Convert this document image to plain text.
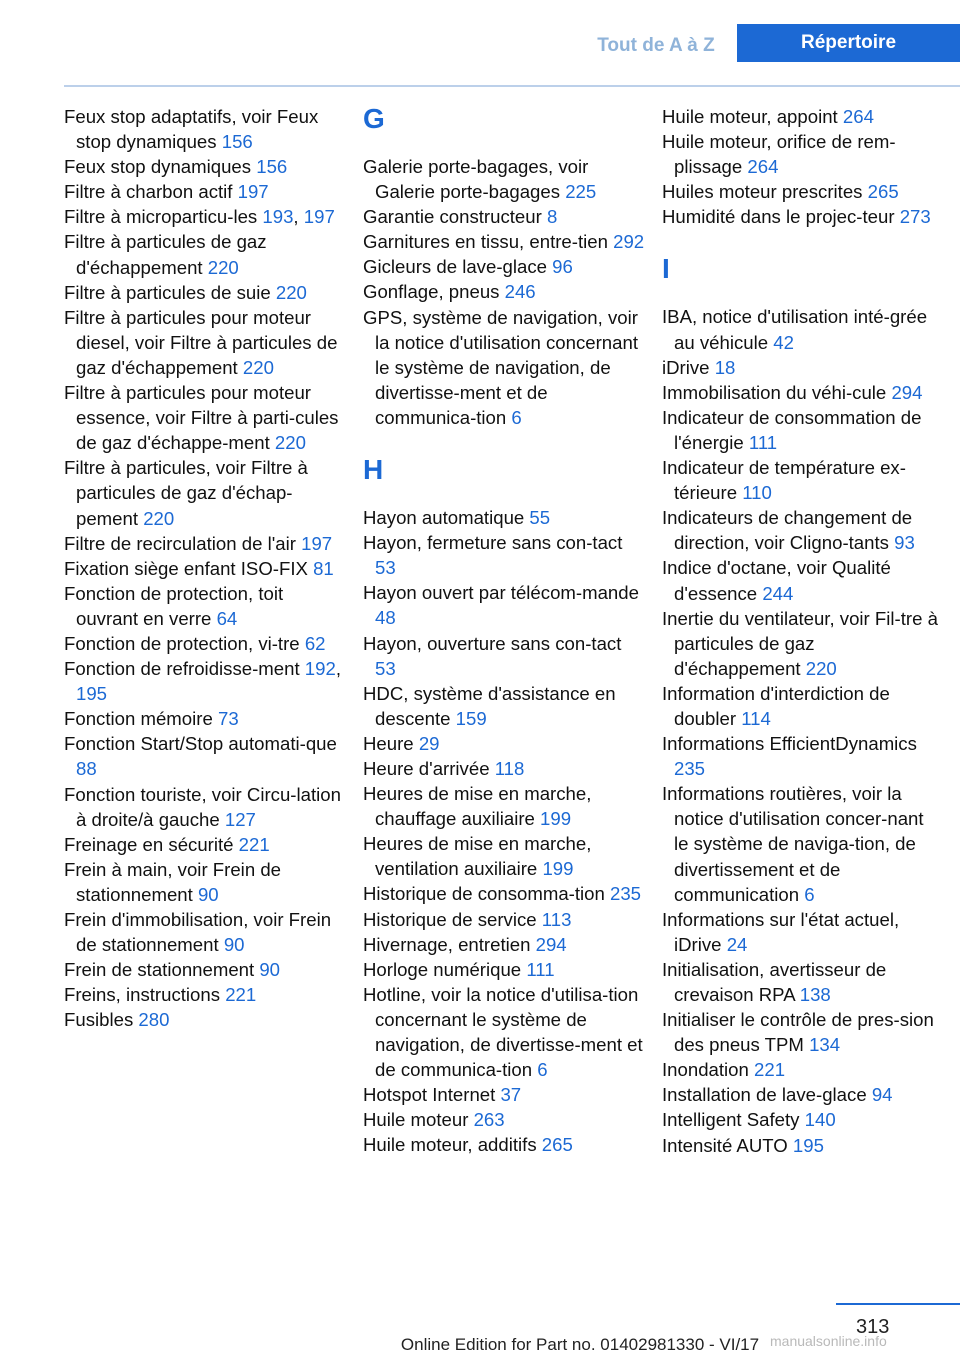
Tout de A à Z	Répertoire

Feux stop adaptatifs, voir Feux stop dynamiques 156

Feux stop dynamiques 156

Filtre à charbon actif 197

Filtre à microparticu-les 193, 197

Filtre à particules de gaz d'échappement 220

Filtre à particules de suie 220

Filtre à particules pour moteur diesel, voir Filtre à particules de gaz d'échappement 220

Filtre à particules pour moteur essence, voir Filtre à parti-cules de gaz d'échappe-ment 220

Filtre à particules, voir Filtre à particules de gaz d'échap-pement 220

Filtre de recirculation de l'air 197

Fixation siège enfant ISO-FIX 81

Fonction de protection, toit ouvrant en verre 64

Fonction de protection, vi-tre 62

Fonction de refroidisse-ment 192, 195

Fonction mémoire 73

Fonction Start/Stop automati-que 88

Fonction touriste, voir Circu-lation à droite/à gauche 127

Freinage en sécurité 221

Frein à main, voir Frein de stationnement 90

Frein d'immobilisation, voir Frein de stationnement 90

Frein de stationnement 90

Freins, instructions 221

Fusibles 280

G

Galerie porte-bagages, voir Galerie porte-bagages 225

Garantie constructeur 8

Garnitures en tissu, entre-tien 292

Gicleurs de lave-glace 96

Gonflage, pneus 246

GPS, système de navigation, voir la notice d'utilisation concernant le système de navigation, de divertisse-ment et de communica-tion 6

H

Hayon automatique 55

Hayon, fermeture sans con-tact 53

Hayon ouvert par télécom-mande 48

Hayon, ouverture sans con-tact 53

HDC, système d'assistance en descente 159

Heure 29

Heure d'arrivée 118

Heures de mise en marche, chauffage auxiliaire 199

Heures de mise en marche, ventilation auxiliaire 199

Historique de consomma-tion 235

Historique de service 113

Hivernage, entretien 294

Horloge numérique 111

Hotline, voir la notice d'utilisa-tion concernant le système de navigation, de divertisse-ment et de communica-tion 6

Hotspot Internet 37

Huile moteur 263

Huile moteur, additifs 265

Huile moteur, appoint 264

Huile moteur, orifice de rem-plissage 264

Huiles moteur prescrites 265

Humidité dans le projec-teur 273

I

IBA, notice d'utilisation inté-grée au véhicule 42

iDrive 18

Immobilisation du véhi-cule 294

Indicateur de consommation de l'énergie 111

Indicateur de température ex-térieure 110

Indicateurs de changement de direction, voir Cligno-tants 93

Indice d'octane, voir Qualité d'essence 244

Inertie du ventilateur, voir Fil-tre à particules de gaz d'échappement 220

Information d'interdiction de doubler 114

Informations EfficientDynamics 235

Informations routières, voir la notice d'utilisation concer-nant le système de naviga-tion, de divertissement et de communication 6

Informations sur l'état actuel, iDrive 24

Initialisation, avertisseur de crevaison RPA 138

Initialiser le contrôle de pres-sion des pneus TPM 134

Inondation 221

Installation de lave-glace 94

Intelligent Safety 140

Intensité AUTO 195

313
Online Edition for Part no. 01402981330 - VI/17 manualsonline.info
